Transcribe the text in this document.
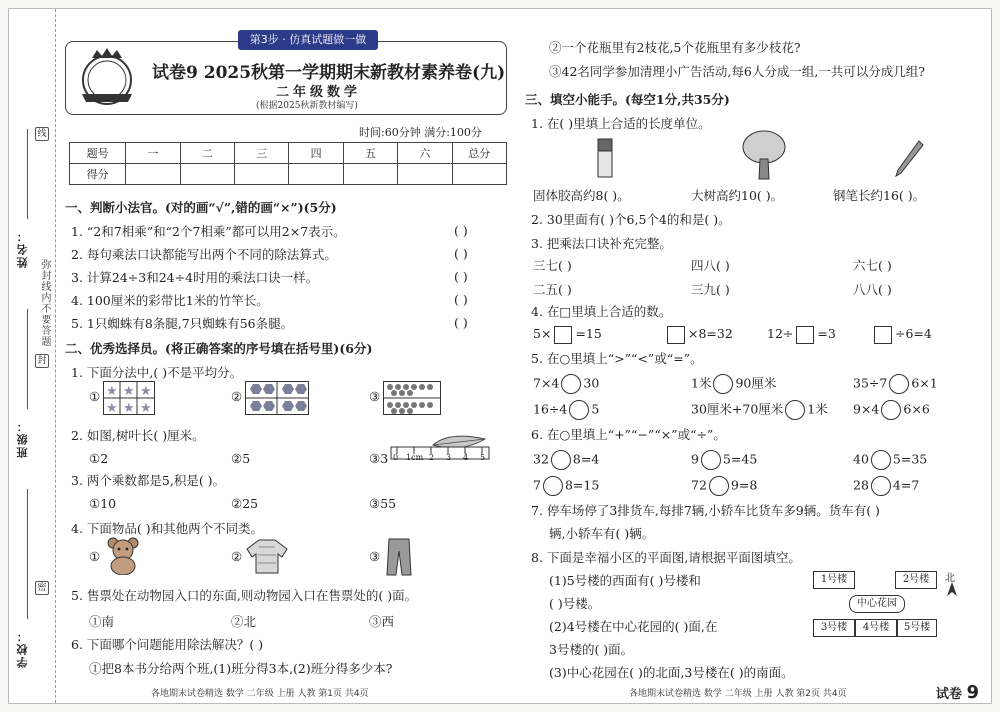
姓名：
班级：
学校：
弥封线内不要答题
线
封
密
第3步 · 仿真试题做一做
试卷9 2025秋第一学期期末新教材素养卷(九)
二年级数学
(根据2025秋新教材编写)
时间:60分钟 满分:100分
题号	一	二	三	四	五	六	总分
得分							
一、判断小法官。(对的画“√”,错的画“×”)(5分)
1. “2和7相乘”和“2个7相乘”都可以用2×7表示。
2. 每句乘法口诀都能写出两个不同的除法算式。
3. 计算24÷3和24÷4时用的乘法口诀一样。
4. 100厘米的彩带比1米的竹竿长。
5. 1只蜘蛛有8条腿,7只蜘蛛有56条腿。
( )
( )
( )
( )
( )
二、优秀选择员。(将正确答案的序号填在括号里)(6分)
1. 下面分法中,( )不是平均分。
① ★ ★ ★
★ ★ ★
②	③
2. 如图,树叶长( )厘米。
①2	②5	③3 0 1cm 2 3 4 5
3. 两个乘数都是5,积是( )。
①10	②25	③55
4. 下面物品( )和其他两个不同类。
①	②	③
5. 售票处在动物园入口的东面,则动物园入口在售票处的( )面。
①南	②北	③西
6. 下面哪个问题能用除法解决？( )
①把8本书分给两个班,(1)班分得3本,(2)班分得多少本?
各地期末试卷精选 数学 二年级 上册 人教 第1页 共4页
②一个花瓶里有2枝花,5个花瓶里有多少枝花?
③42名同学参加清理小广告活动,每6人分成一组,一共可以分成几组?
三、填空小能手。(每空1分,共35分)
1. 在( )里填上合适的长度单位。
固体胶高约8( )。	大树高约10( )。	钢笔长约16( )。
2. 30里面有( )个6,5个4的和是( )。
3. 把乘法口诀补充完整。
三七( )	四八( )	六七( )
二五( )	三九( )	八八( )
4. 在□里填上合适的数。
5× =15	×8=32	12÷ =3	÷6=4
5. 在○里填上“>”“<”或“=”。
7×4 30	1米 90厘米	35÷7 6×1
16÷4 5	30厘米+70厘米 1米 9×4 6×6
6. 在○里填上“+”“−”“×”或“÷”。
32 8=4	9 5=45	40 5=35
7 8=15	72 9=8	28 4=7
7. 停车场停了3排货车,每排7辆,小轿车比货车多9辆。货车有( )
辆,小轿车有( )辆。
8. 下面是幸福小区的平面图,请根据平面图填空。
(1)5号楼的西面有( )号楼和
( )号楼。
(2)4号楼在中心花园的( )面,在
3号楼的( )面。
(3)中心花园在( )的北面,3号楼在( )的南面。
1号楼	2号楼
中心花园
3号楼	4号楼	5号楼
北
各地期末试卷精选 数学 二年级 上册 人教 第2页 共4页	试卷 9
